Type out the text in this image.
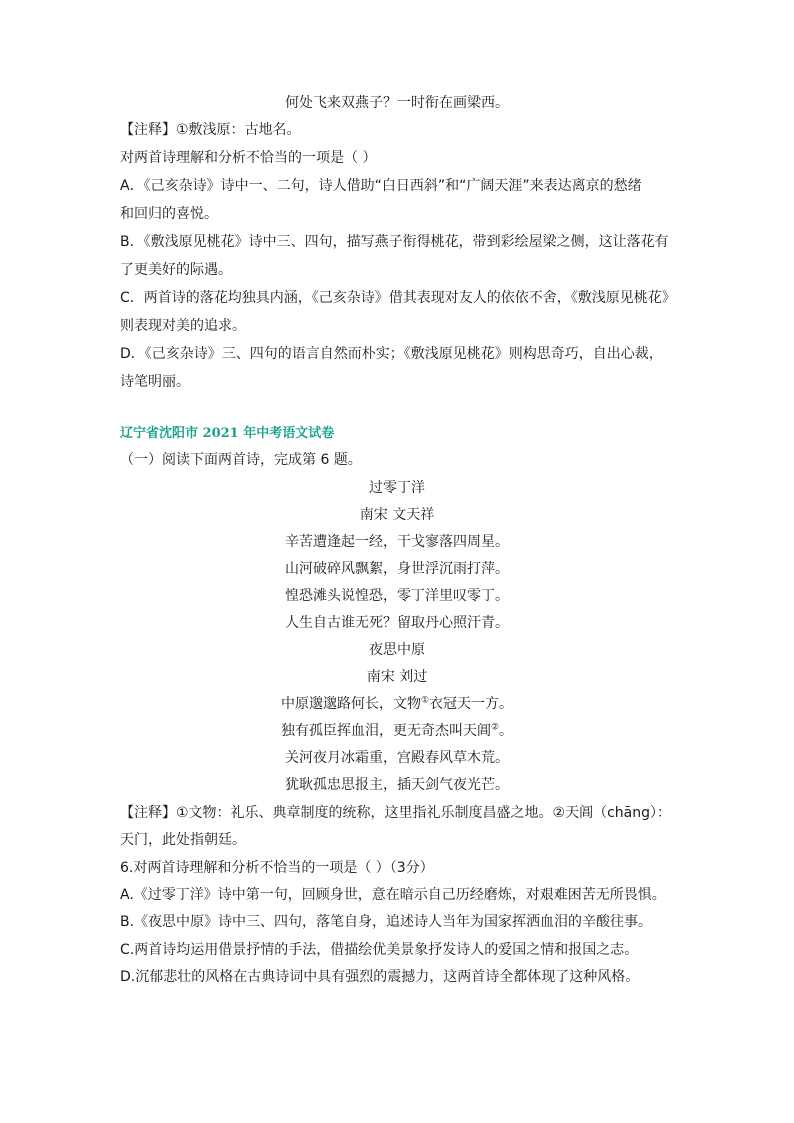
何处飞来双燕子？一时衔在画梁西。
【注释】①敷浅原：古地名。
对两首诗理解和分析不恰当的一项是（ ）
A．《己亥杂诗》诗中一、二句，诗人借助“白日西斜”和“广阔天涯”来表达离京的愁绪
和回归的喜悦。
B．《敷浅原见桃花》诗中三、四句，描写燕子衔得桃花，带到彩绘屋梁之侧，这让落花有
了更美好的际遇。
C．两首诗的落花均独具内涵，《己亥杂诗》借其表现对友人的依依不舍，《敷浅原见桃花》
则表现对美的追求。
D．《己亥杂诗》三、四句的语言自然而朴实；《敷浅原见桃花》则构思奇巧，自出心裁，
诗笔明丽。
辽宁省沈阳市 2021 年中考语文试卷
（一）阅读下面两首诗，完成第 6 题。
过零丁洋
南宋 文天祥
辛苦遭逢起一经，干戈寥落四周星。
山河破碎风飘絮，身世浮沉雨打萍。
惶恐滩头说惶恐，零丁洋里叹零丁。
人生自古谁无死？留取丹心照汗青。
夜思中原
南宋 刘过
中原邈邈路何长，文物①衣冠天一方。
独有孤臣挥血泪，更无奇杰叫天阊②。
关河夜月冰霜重，宫殿春风草木荒。
犹耿孤忠思报主，插天剑气夜光芒。
【注释】①文物：礼乐、典章制度的统称，这里指礼乐制度昌盛之地。②天阊（chāng）：
天门，此处指朝廷。
6.对两首诗理解和分析不恰当的一项是（ ）（3分）
A.《过零丁洋》诗中第一句，回顾身世，意在暗示自己历经磨炼，对艰难困苦无所畏惧。
B.《夜思中原》诗中三、四句，落笔自身，追述诗人当年为国家挥洒血泪的辛酸往事。
C.两首诗均运用借景抒情的手法，借描绘优美景象抒发诗人的爱国之情和报国之志。
D.沉郁悲壮的风格在古典诗词中具有强烈的震撼力，这两首诗全都体现了这种风格。
